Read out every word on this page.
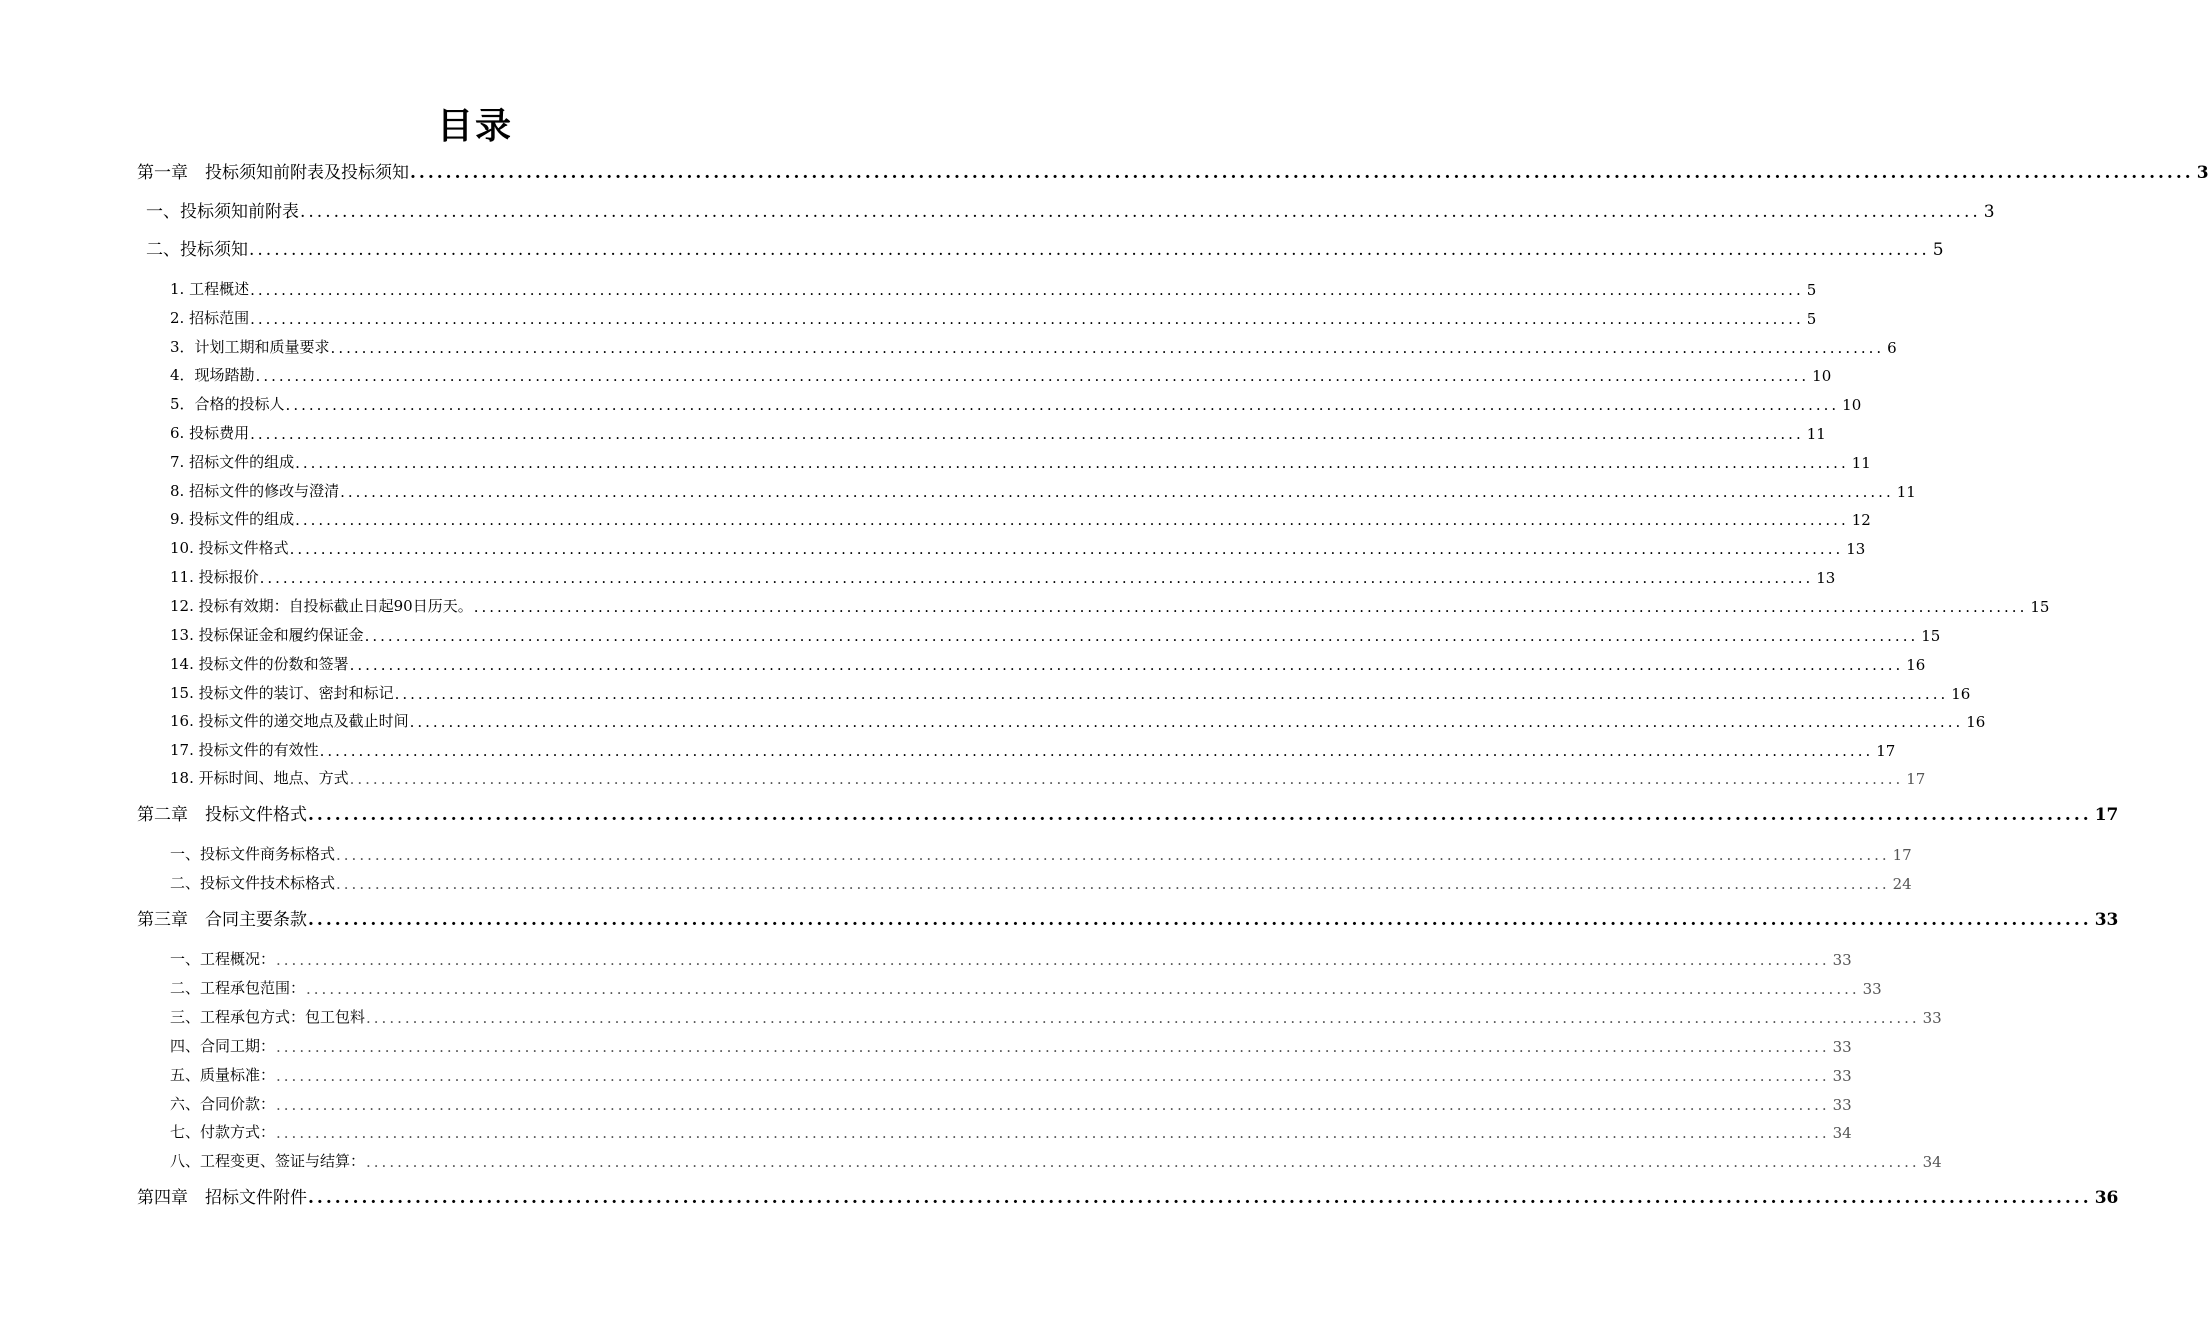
目录
第一章　投标须知前附表及投标须知 ........................................................................................................................................................................................................ 3
一、投标须知前附表 ........................................................................................................................................................................................................ 3
二、投标须知 ........................................................................................................................................................................................................ 5
1. 工程概述 ........................................................................................................................................................................................................ 5
2. 招标范围 ........................................................................................................................................................................................................ 5
3．计划工期和质量要求 ........................................................................................................................................................................................................ 6
4．现场踏勘 ........................................................................................................................................................................................................ 10
5．合格的投标人 ........................................................................................................................................................................................................ 10
6. 投标费用 ........................................................................................................................................................................................................ 11
7. 招标文件的组成 ........................................................................................................................................................................................................ 11
8. 招标文件的修改与澄清 ........................................................................................................................................................................................................ 11
9. 投标文件的组成 ........................................................................................................................................................................................................ 12
10. 投标文件格式 ........................................................................................................................................................................................................ 13
11. 投标报价 ........................................................................................................................................................................................................ 13
12. 投标有效期：自投标截止日起90日历天。 ........................................................................................................................................................................................................ 15
13. 投标保证金和履约保证金 ........................................................................................................................................................................................................ 15
14. 投标文件的份数和签署 ........................................................................................................................................................................................................ 16
15. 投标文件的装订、密封和标记 ........................................................................................................................................................................................................ 16
16. 投标文件的递交地点及截止时间 ........................................................................................................................................................................................................ 16
17. 投标文件的有效性 ........................................................................................................................................................................................................ 17
18. 开标时间、地点、方式 ........................................................................................................................................................................................................ 17
第二章　投标文件格式 ........................................................................................................................................................................................................ 17
一、投标文件商务标格式 ........................................................................................................................................................................................................ 17
二、投标文件技术标格式 ........................................................................................................................................................................................................ 24
第三章　合同主要条款 ........................................................................................................................................................................................................ 33
一、工程概况： ........................................................................................................................................................................................................ 33
二、工程承包范围： ........................................................................................................................................................................................................ 33
三、工程承包方式：包工包料 ........................................................................................................................................................................................................ 33
四、合同工期： ........................................................................................................................................................................................................ 33
五、质量标准： ........................................................................................................................................................................................................ 33
六、合同价款： ........................................................................................................................................................................................................ 33
七、付款方式： ........................................................................................................................................................................................................ 34
八、工程变更、签证与结算： ........................................................................................................................................................................................................ 34
第四章　招标文件附件 ........................................................................................................................................................................................................ 36
